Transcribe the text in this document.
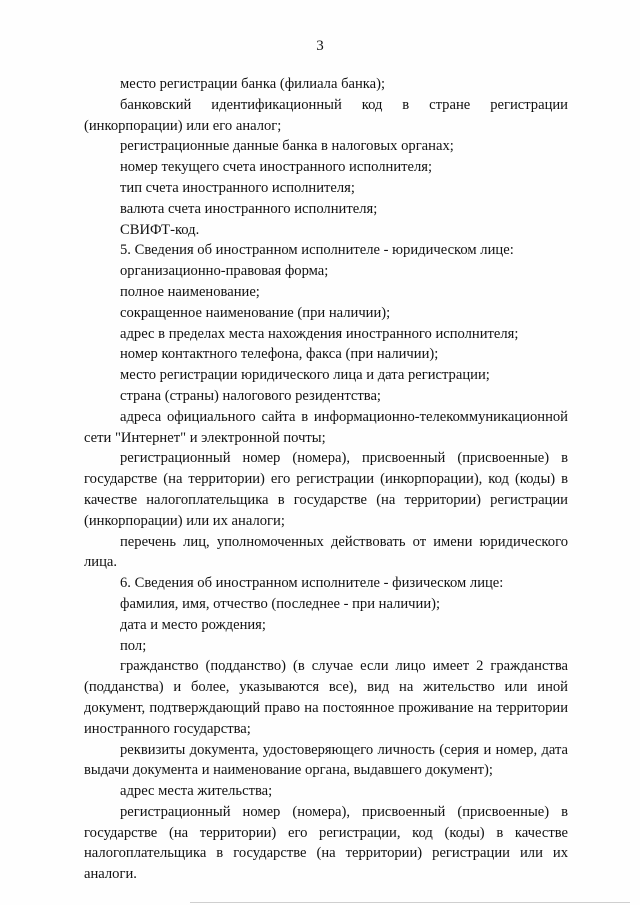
3

место регистрации банка (филиала банка);

банковский идентификационный код в стране регистрации (инкорпорации) или его аналог;

регистрационные данные банка в налоговых органах;

номер текущего счета иностранного исполнителя;

тип счета иностранного исполнителя;

валюта счета иностранного исполнителя;

СВИФТ-код.

5. Сведения об иностранном исполнителе - юридическом лице:

организационно-правовая форма;

полное наименование;

сокращенное наименование (при наличии);

адрес в пределах места нахождения иностранного исполнителя;

номер контактного телефона, факса (при наличии);

место регистрации юридического лица и дата регистрации;

страна (страны) налогового резидентства;

адреса официального сайта в информационно-телекоммуникационной сети "Интернет" и электронной почты;

регистрационный номер (номера), присвоенный (присвоенные) в государстве (на территории) его регистрации (инкорпорации), код (коды) в качестве налогоплательщика в государстве (на территории) регистрации (инкорпорации) или их аналоги;

перечень лиц, уполномоченных действовать от имени юридического лица.

6. Сведения об иностранном исполнителе - физическом лице:

фамилия, имя, отчество (последнее - при наличии);

дата и место рождения;

пол;

гражданство (подданство) (в случае если лицо имеет 2 гражданства (подданства) и более, указываются все), вид на жительство или иной документ, подтверждающий право на постоянное проживание на территории иностранного государства;

реквизиты документа, удостоверяющего личность (серия и номер, дата выдачи документа и наименование органа, выдавшего документ);

адрес места жительства;

регистрационный номер (номера), присвоенный (присвоенные) в государстве (на территории) его регистрации, код (коды) в качестве налогоплательщика в государстве (на территории) регистрации или их аналоги.
